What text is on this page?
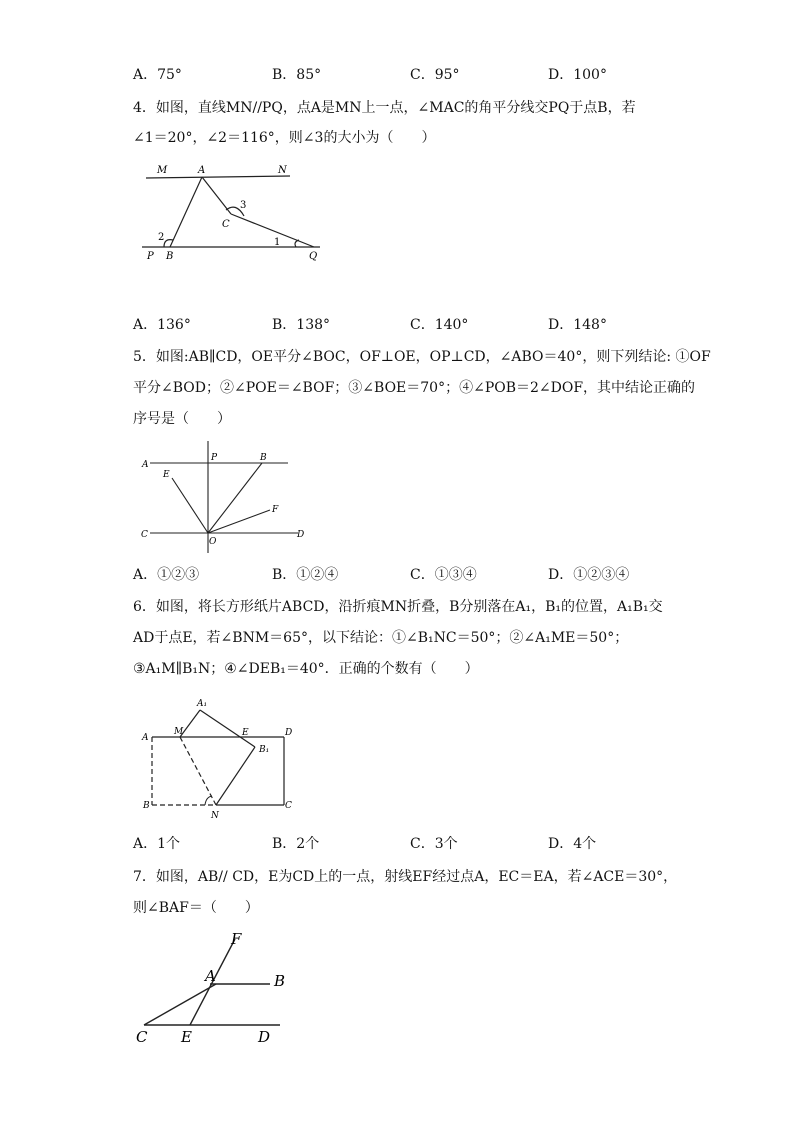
A．75°	B．85°	C．95°	D．100°
4．如图，直线MN//PQ，点A是MN上一点，∠MAC的角平分线交PQ于点B，若
∠1＝20°，∠2＝116°，则∠3的大小为（　　）
M	A	N
C
3
2
P B
1
Q
A．136°	B．138°	C．140°	D．148°
5．如图:AB∥CD，OE平分∠BOC，OF⊥OE，OP⊥CD，∠ABO＝40°，则下列结论: ①OF
平分∠BOD；②∠POE＝∠BOF；③∠BOE＝70°；④∠POB＝2∠DOF，其中结论正确的
序号是（　　）
A
E
P	B
F
C
O
D
A．①②③	B．①②④	C．①③④	D．①②③④
6．如图，将长方形纸片ABCD，沿折痕MN折叠，B分别落在A₁，B₁的位置，A₁B₁交
AD于点E，若∠BNM＝65°，以下结论：①∠B₁NC＝50°；②∠A₁ME＝50°；
③A₁M∥B₁N；④∠DEB₁＝40°．正确的个数有（　　）
A₁
A
M	E	D
B₁
B
N
C
A．1个	B．2个	C．3个	D．4个
7．如图，AB// CD，E为CD上的一点，射线EF经过点A，EC＝EA，若∠ACE＝30°，
则∠BAF＝（　　）
F
A	B
C E	D
